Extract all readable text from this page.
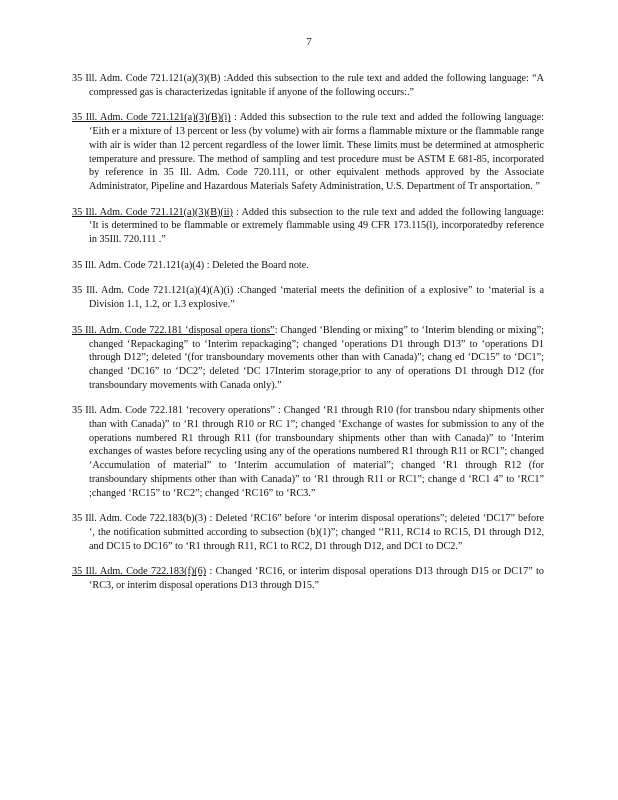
7

35 Ill. Adm. Code 721.121(a)(3)(B) :Added this subsection to the rule text and added the following language: “A compressed gas is characterizedas ignitable if anyone of the following occurs:.”

35 Ill. Adm. Code 721.121(a)(3)(B)(i) : Added this subsection to the rule text and added the following language: ‘Eith er a mixture of 13 percent or less (by volume) with air forms a flammable mixture or the flammable range with air is wider than 12 percent regardless of the lower limit. These limits must be determined at atmospheric temperature and pressure. The method of sampling and test procedure must be ASTM E 681-85, incorporated by reference in 35 Ill. Adm. Code 720.111, or other equivalent methods approved by the Associate Administrator, Pipeline and Hazardous Materials Safety Administration, U.S. Department of Tr ansportation. ”

35 Ill. Adm. Code 721.121(a)(3)(B)(ii) : Added this subsection to the rule text and added the following language: ‘It is determined to be flammable or extremely flammable using 49 CFR 173.115(l), incorporatedby reference in 35Ill. 720.111 .”

35 Ill. Adm. Code 721.121(a)(4) : Deleted the Board note.

35 Ill. Adm. Code 721.121(a)(4)(A)(i) :Changed ‘material meets the definition of a explosive” to ‘material is a Division 1.1, 1.2, or 1.3 explosive.”

35 Ill. Adm. Code 722.181 ‘disposal opera tions”: Changed ‘Blending or mixing” to ‘Interim blending or mixing”; changed ‘Repackaging” to ‘Interim repackaging”; changed ‘operations D1 through D13” to ‘operations D1 through D12”; deleted ‘(for transboundary movements other than with Canada)”; chang ed ‘DC15” to ‘DC1”; changed ‘DC16” to ‘DC2”; deleted ‘DC 17Interim storage,prior to any of operations D1 through D12 (for transboundary movements with Canada only).”

35 Ill. Adm. Code 722.181 ‘recovery operations” : Changed ‘R1 through R10 (for transbou ndary shipments other than with Canada)” to ‘R1 through R10 or RC 1”; changed ‘Exchange of wastes for submission to any of the operations numbered R1 through R11 (for transboundary shipments other than with Canada)” to ‘Interim exchanges of wastes before recycling using any of the operations numbered R1 through R11 or RC1”; changed ‘Accumulation of material” to ‘Interim accumulation of material”; changed ‘R1 through R12 (for transboundary shipments other than with Canada)” to ‘R1 through R11 or RC1”; change d ‘RC1 4” to ‘RC1” ;changed ‘RC15” to ‘RC2”; changed ‘RC16” to ‘RC3.”

35 Ill. Adm. Code 722.183(b)(3) : Deleted ‘RC16” before ‘or interim disposal operations”; deleted ‘DC17” before ‘, the notification submitted according to subsection (b)(1)”; changed ‘‘R11, RC14 to RC15, D1 through D12, and DC15 to DC16” to ‘R1 through R11, RC1 to RC2, D1 through D12, and DC1 to DC2.”

35 Ill. Adm. Code 722.183(f)(6) : Changed ‘RC16, or interim disposal operations D13 through D15 or DC17” to ‘RC3, or interim disposal operations D13 through D15.”
